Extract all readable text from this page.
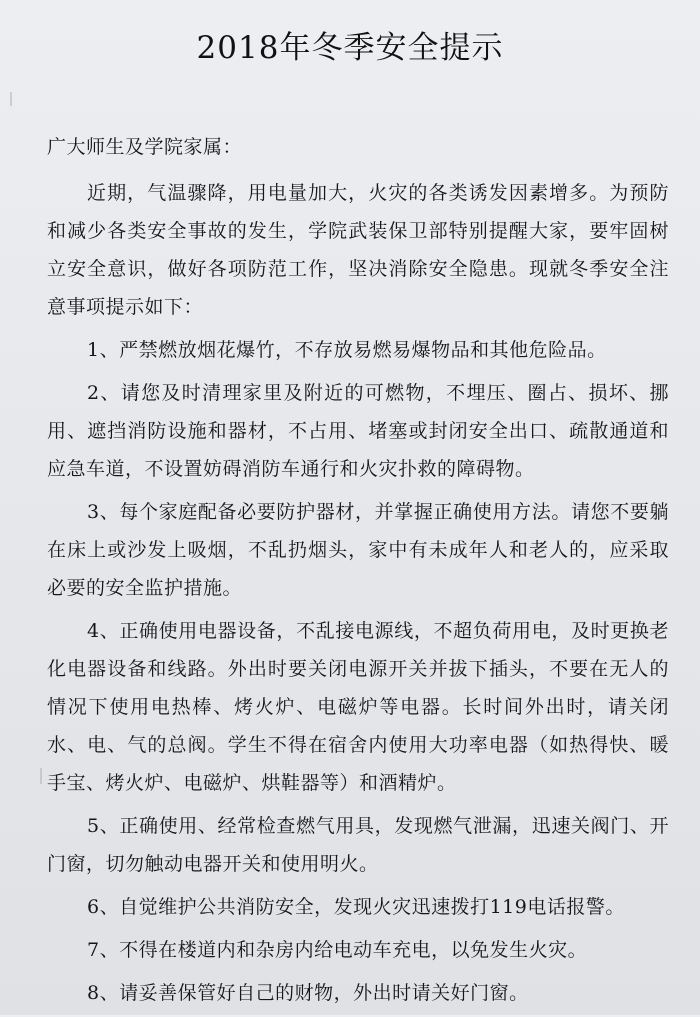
2018年冬季安全提示
广大师生及学院家属：

近期，气温骤降，用电量加大，火灾的各类诱发因素增多。为预防和减少各类安全事故的发生，学院武装保卫部特别提醒大家，要牢固树立安全意识，做好各项防范工作，坚决消除安全隐患。现就冬季安全注意事项提示如下：

1、严禁燃放烟花爆竹，不存放易燃易爆物品和其他危险品。

2、请您及时清理家里及附近的可燃物，不埋压、圈占、损坏、挪用、遮挡消防设施和器材，不占用、堵塞或封闭安全出口、疏散通道和应急车道，不设置妨碍消防车通行和火灾扑救的障碍物。

3、每个家庭配备必要防护器材，并掌握正确使用方法。请您不要躺在床上或沙发上吸烟，不乱扔烟头，家中有未成年人和老人的，应采取必要的安全监护措施。

4、正确使用电器设备，不乱接电源线，不超负荷用电，及时更换老化电器设备和线路。外出时要关闭电源开关并拔下插头，不要在无人的情况下使用电热棒、烤火炉、电磁炉等电器。长时间外出时，请关闭水、电、气的总阀。学生不得在宿舍内使用大功率电器（如热得快、暖手宝、烤火炉、电磁炉、烘鞋器等）和酒精炉。

5、正确使用、经常检查燃气用具，发现燃气泄漏，迅速关阀门、开门窗，切勿触动电器开关和使用明火。

6、自觉维护公共消防安全，发现火灾迅速拨打119电话报警。

7、不得在楼道内和杂房内给电动车充电，以免发生火灾。

8、请妥善保管好自己的财物，外出时请关好门窗。
